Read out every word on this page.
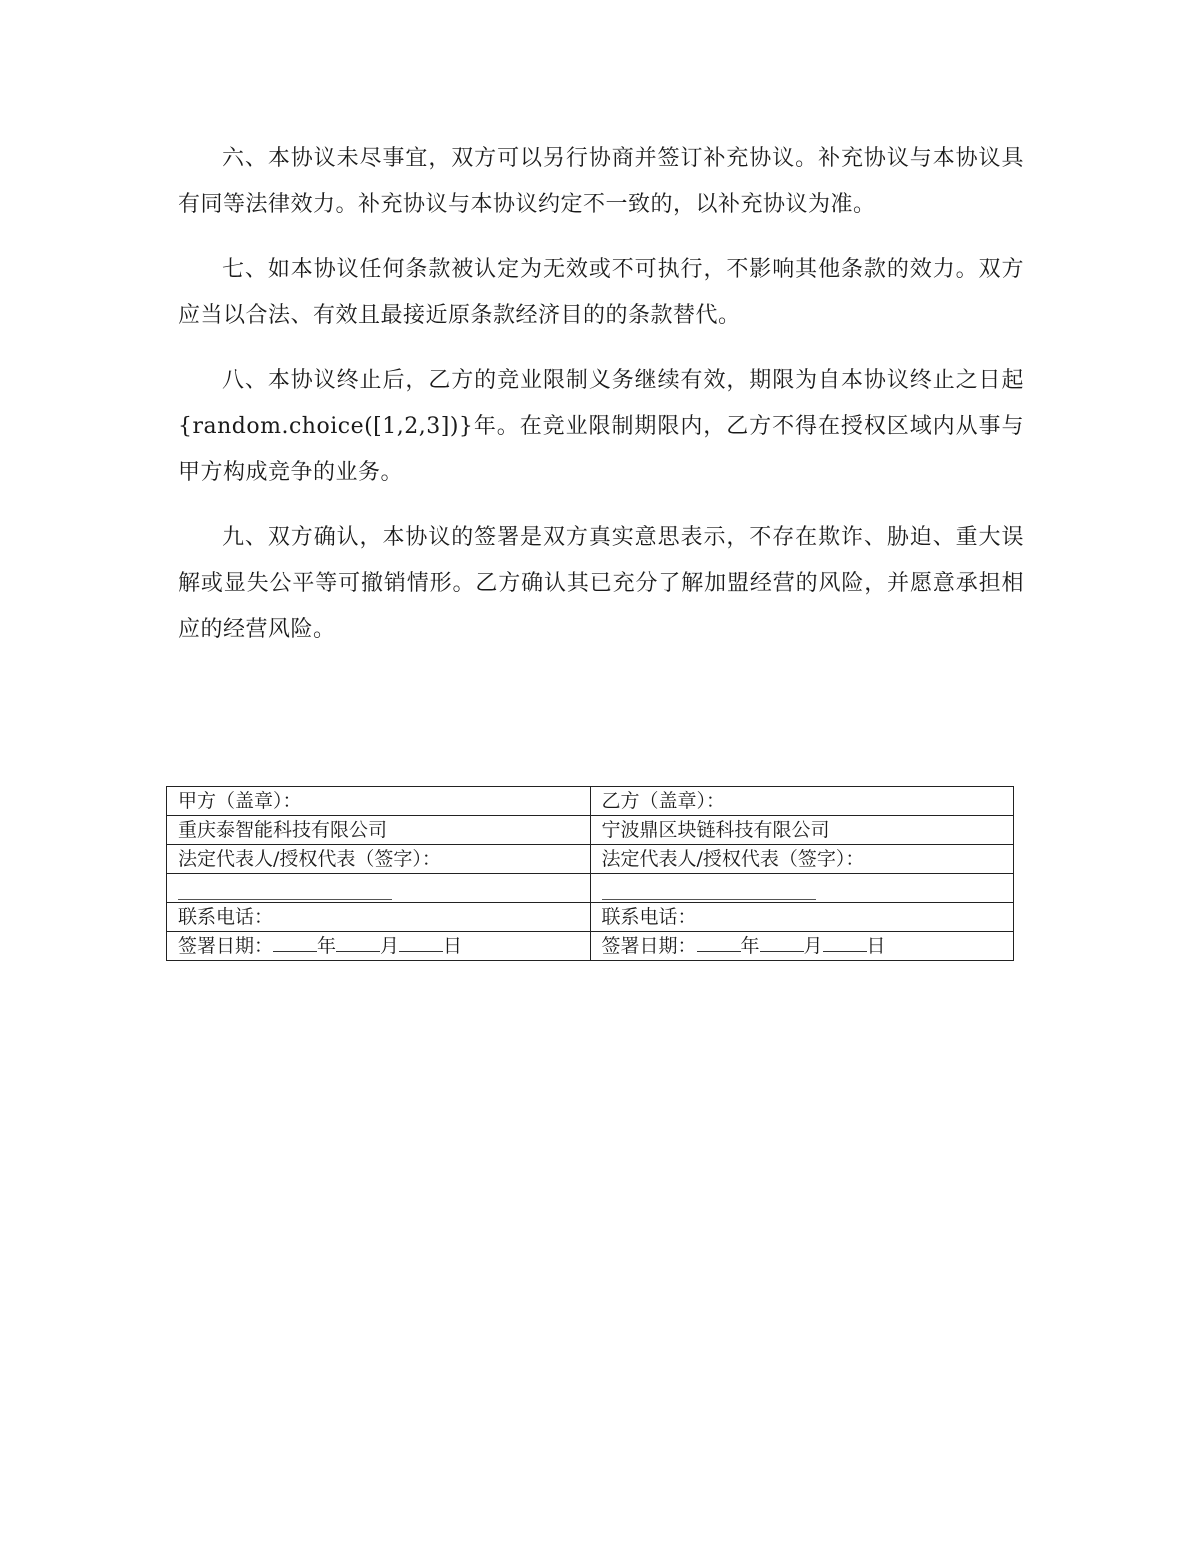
六、本协议未尽事宜，双方可以另行协商并签订补充协议。补充协议与本协议具有同等法律效力。补充协议与本协议约定不一致的，以补充协议为准。

七、如本协议任何条款被认定为无效或不可执行，不影响其他条款的效力。双方应当以合法、有效且最接近原条款经济目的的条款替代。

八、本协议终止后，乙方的竞业限制义务继续有效，期限为自本协议终止之日起{random.choice([1,2,3])}年。在竞业限制期限内，乙方不得在授权区域内从事与甲方构成竞争的业务。

九、双方确认，本协议的签署是双方真实意思表示，不存在欺诈、胁迫、重大误解或显失公平等可撤销情形。乙方确认其已充分了解加盟经营的风险，并愿意承担相应的经营风险。

甲方（盖章）：	乙方（盖章）：
重庆泰智能科技有限公司	宁波鼎区块链科技有限公司
法定代表人/授权代表（签字）：	法定代表人/授权代表（签字）：

联系电话：	联系电话：
签署日期： 年 月 日	签署日期： 年 月 日
